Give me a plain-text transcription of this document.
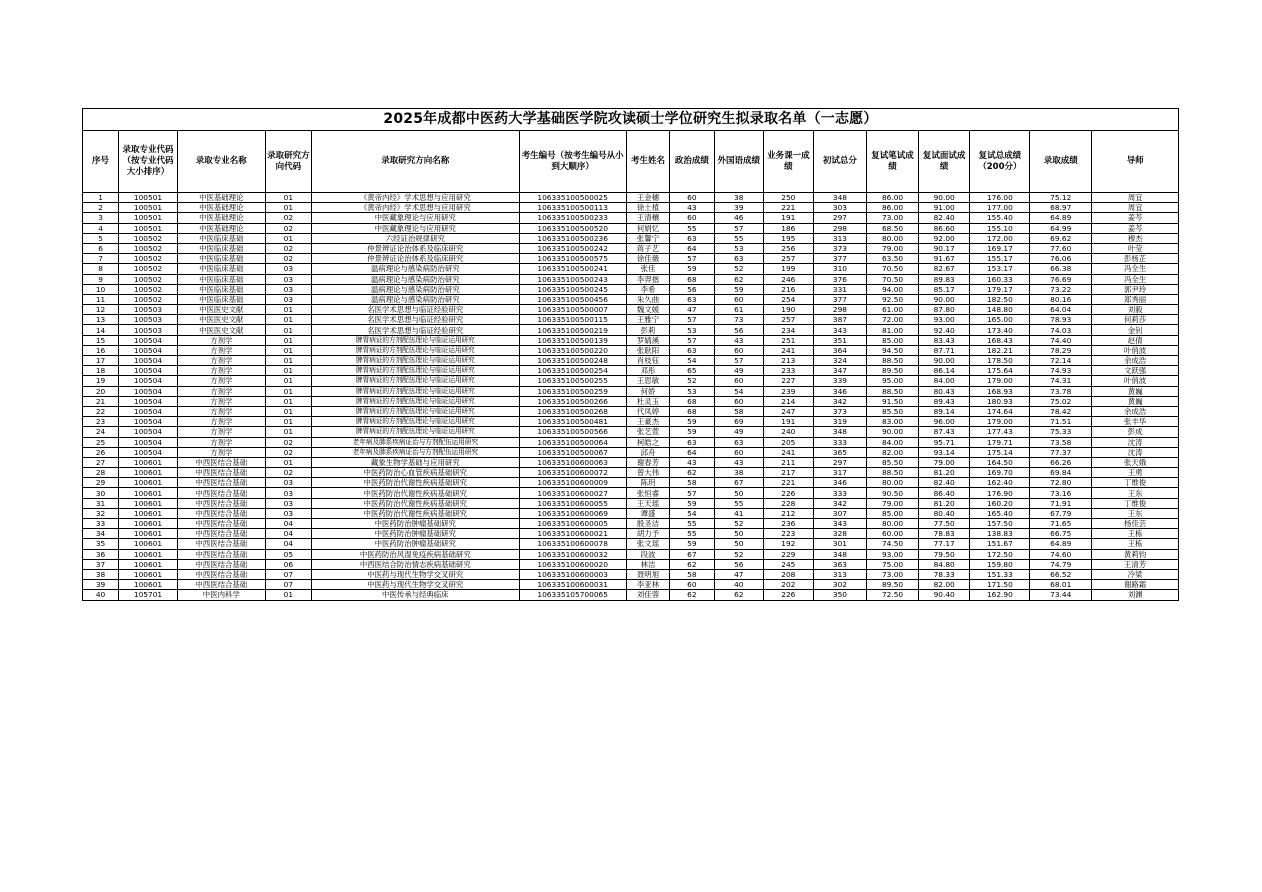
2025年成都中医药大学基础医学院攻读硕士学位研究生拟录取名单（一志愿）
序号	录取专业代码（按专业代码大小排序）	录取专业名称	录取研究方向代码	录取研究方向名称	考生编号（按考生编号从小到大顺序）	考生姓名	政治成绩	外国语成绩	业务课一成绩	初试总分	复试笔试成绩	复试面试成绩	复试总成绩（200分）	录取成绩	导师
1	100501	中医基础理论	01	《黄帝内经》学术思想与应用研究	106335100500025	王金穗	60	38	250	348	86.00	90.00	176.00	75.12	周宜
2	100501	中医基础理论	01	《黄帝内经》学术思想与应用研究	106335100500113	徐土植	43	39	221	303	86.00	91.00	177.00	68.97	周宜
3	100501	中医基础理论	02	中医藏象理论与应用研究	106335100500233	王清穰	60	46	191	297	73.00	82.40	155.40	64.89	姜芩
4	100501	中医基础理论	02	中医藏象理论与应用研究	106335100500520	何娟忆	55	57	186	298	68.50	86.60	155.10	64.99	姜芩
5	100502	中医临床基础	01	六经证治规律研究	106335100500236	张馨宁	63	55	195	313	80.00	92.00	172.00	69.62	穆杰
6	100502	中医临床基础	02	仲景辨证论治体系及临床研究	106335100500242	蒋子艺	64	53	256	373	79.00	90.17	169.17	77.60	叶莹
7	100502	中医临床基础	02	仲景辨证论治体系及临床研究	106335100500575	徐佳薇	57	63	257	377	63.50	91.67	155.17	76.06	彭杨芷
8	100502	中医临床基础	03	温病理论与感染病防治研究	106335100500241	张佳	59	52	199	310	70.50	82.67	153.17	66.38	冯全生
9	100502	中医临床基础	03	温病理论与感染病防治研究	106335100500243	李羿揩	68	62	246	376	70.50	89.83	160.33	76.69	冯全生
10	100502	中医临床基础	03	温病理论与感染病防治研究	106335100500245	李希	56	59	216	331	94.00	85.17	179.17	73.22	郭尹玲
11	100502	中医临床基础	03	温病理论与感染病防治研究	106335100500456	朱久曲	63	60	254	377	92.50	90.00	182.50	80.16	郑秀丽
12	100503	中医医史文献	01	名医学术思想与临证经验研究	106335100500007	魏文媛	47	61	190	298	61.00	87.80	148.80	64.04	刘毅
13	100503	中医医史文献	01	名医学术思想与临证经验研究	106335100500115	王雅宁	57	73	257	387	72.00	93.00	165.00	78.93	何莉莎
14	100503	中医医史文献	01	名医学术思想与临证经验研究	106335100500219	彭莉	53	56	234	343	81.00	92.40	173.40	74.03	金钊
15	100504	方剂学	01	脾胃病证的方剂配伍理论与临证运用研究	106335100500139	罗婧溪	57	43	251	351	85.00	83.43	168.43	74.40	赵倩
16	100504	方剂学	01	脾胃病证的方剂配伍理论与临证运用研究	106335100500220	张耿阳	63	60	241	364	94.50	87.71	182.21	78.29	叶俏波
17	100504	方剂学	01	脾胃病证的方剂配伍理论与临证运用研究	106335100500248	肖枝钰	54	57	213	324	88.50	90.00	178.50	72.14	余成浩
18	100504	方剂学	01	脾胃病证的方剂配伍理论与临证运用研究	106335100500254	邓彤	65	49	233	347	89.50	86.14	175.64	74.93	文跃强
19	100504	方剂学	01	脾胃病证的方剂配伍理论与临证运用研究	106335100500255	王思敏	52	60	227	339	95.00	84.00	179.00	74.31	叶俏波
20	100504	方剂学	01	脾胃病证的方剂配伍理论与临证运用研究	106335100500259	何娇	53	54	239	346	88.50	80.43	168.93	73.78	黄巍
21	100504	方剂学	01	脾胃病证的方剂配伍理论与临证运用研究	106335100500266	杜灵玉	68	60	214	342	91.50	89.43	180.93	75.02	黄巍
22	100504	方剂学	01	脾胃病证的方剂配伍理论与临证运用研究	106335100500268	代凤婷	68	58	247	373	85.50	89.14	174.64	78.42	余成浩
23	100504	方剂学	01	脾胃病证的方剂配伍理论与临证运用研究	106335100500481	王豪杰	59	69	191	319	83.00	96.00	179.00	71.51	张丰华
24	100504	方剂学	01	脾胃病证的方剂配伍理论与临证运用研究	106335100500566	张艺萱	59	49	240	348	90.00	87.43	177.43	75.33	彭成
25	100504	方剂学	02	老年病及肺系疾病证治与方剂配伍运用研究	106335100500064	柯皓之	63	63	205	333	84.00	95.71	179.71	73.58	沈涛
26	100504	方剂学	02	老年病及肺系疾病证治与方剂配伍运用研究	106335100500067	邱舟	64	60	241	365	82.00	93.14	175.14	77.37	沈涛
27	100601	中西医结合基础	01	藏象生物学基础与应用研究	106335100600063	谢春芳	43	43	211	297	85.50	79.00	164.50	66.26	张天娥
28	100601	中西医结合基础	02	中医药防治心血管疾病基础研究	106335100600072	曾大伟	62	38	217	317	88.50	81.20	169.70	69.84	王勇
29	100601	中西医结合基础	03	中医药防治代谢性疾病基础研究	106335100600009	陈玥	58	67	221	346	80.00	82.40	162.40	72.80	丁维俊
30	100601	中西医结合基础	03	中医药防治代谢性疾病基础研究	106335100600027	张恒睿	57	50	226	333	90.50	86.40	176.90	73.16	王东
31	100601	中西医结合基础	03	中医药防治代谢性疾病基础研究	106335100600055	王天瑶	59	55	228	342	79.00	81.20	160.20	71.91	丁维俊
32	100601	中西医结合基础	03	中医药防治代谢性疾病基础研究	106335100600069	谭盛	54	41	212	307	85.00	80.40	165.40	67.79	王东
33	100601	中西医结合基础	04	中医药防治肿瘤基础研究	106335100600005	殷圣洁	55	52	236	343	80.00	77.50	157.50	71.65	杨佳芸
34	100601	中西医结合基础	04	中医药防治肿瘤基础研究	106335100600021	胡力予	55	50	223	328	60.00	78.83	138.83	66.75	王栋
35	100601	中西医结合基础	04	中医药防治肿瘤基础研究	106335100600078	张文瑶	59	50	192	301	74.50	77.17	151.67	64.89	王栋
36	100601	中西医结合基础	05	中医药防治风湿免疫疾病基础研究	106335100600032	段波	67	52	229	348	93.00	79.50	172.50	74.60	黄莉钧
37	100601	中西医结合基础	06	中西医结合防治情志疾病基础研究	106335100600020	林洁	62	56	245	363	75.00	84.80	159.80	74.79	王清芳
38	100601	中西医结合基础	07	中医药与现代生物学交叉研究	106335100600003	聂明旭	58	47	208	313	73.00	78.33	151.33	66.52	冷梁
39	100601	中西医结合基础	07	中医药与现代生物学交叉研究	106335100600031	李亚林	60	40	202	302	89.50	82.00	171.50	68.01	谢路霜
40	105701	中医内科学	01	中医传承与经典临床	106335105700065	刘佳蓉	62	62	226	350	72.50	90.40	162.90	73.44	刘渊
